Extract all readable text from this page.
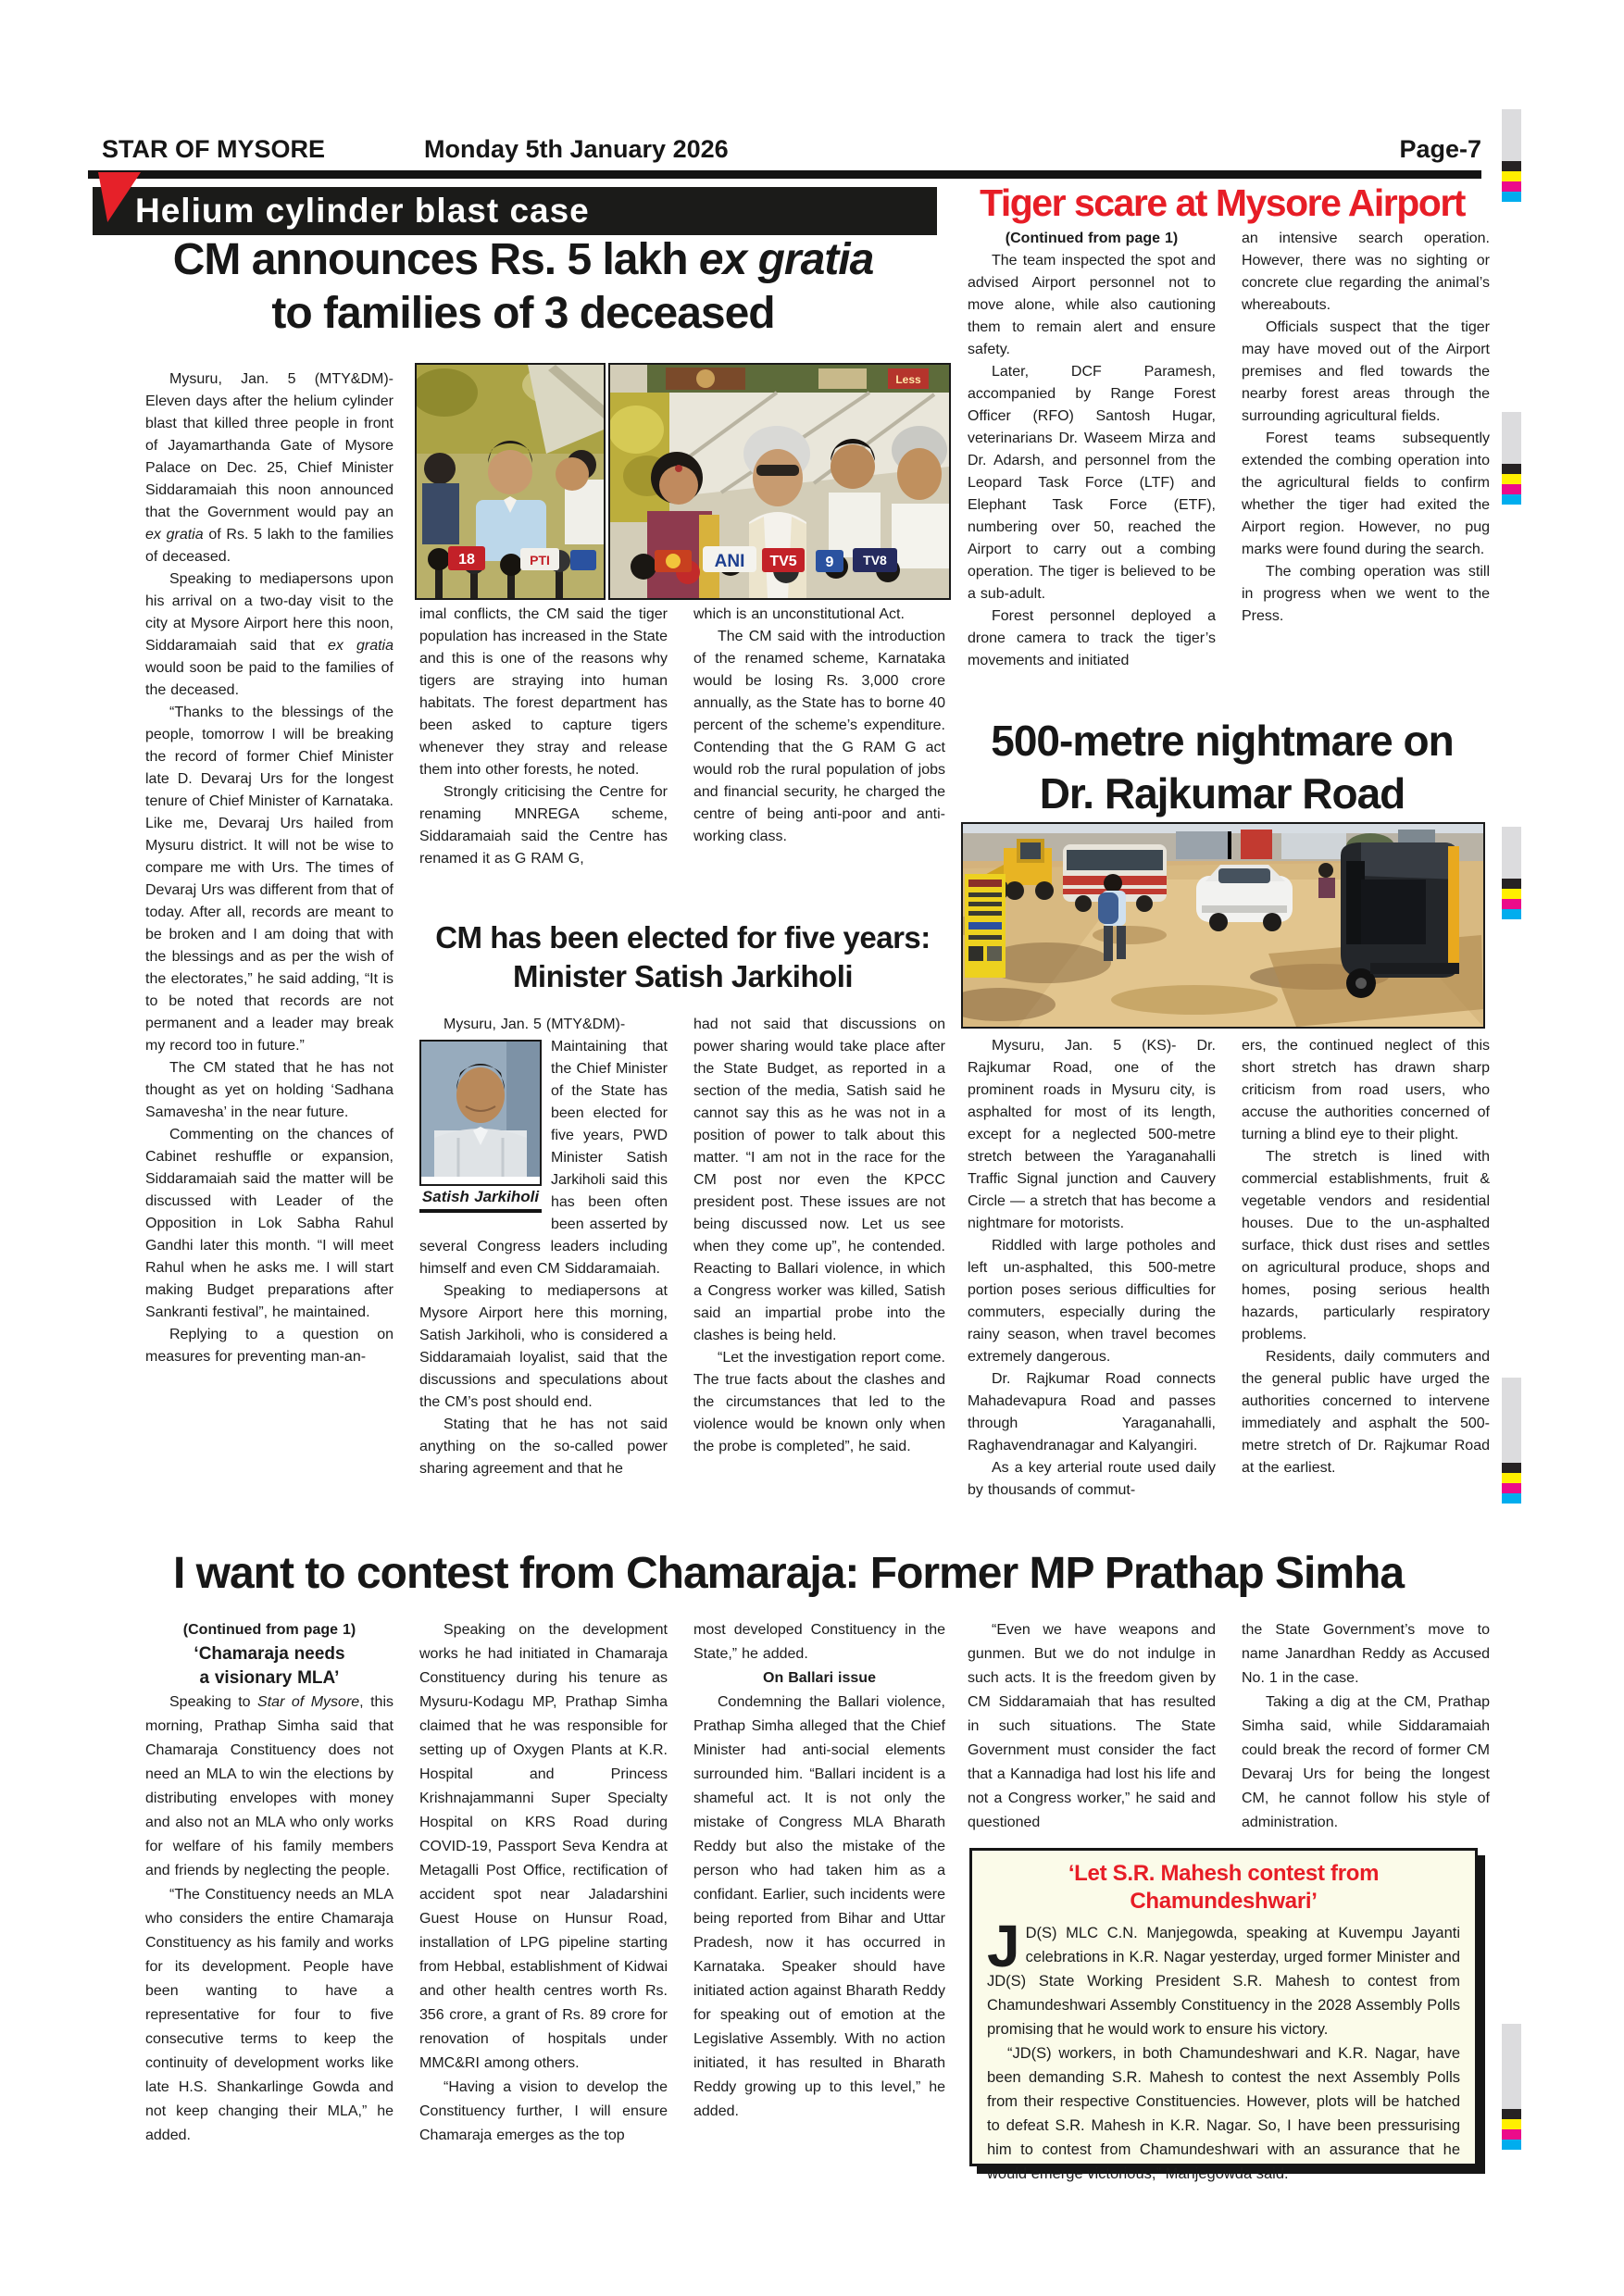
STAR OF MYSORE	Monday 5th January 2026	Page-7
Helium cylinder blast case	Tiger scare at Mysore Airport
CM announces Rs. 5 lakh ex gratia
to families of 3 deceased

Mysuru, Jan. 5 (MTY&DM)- Eleven days after the helium cylinder blast that killed three people in front of Jayamarthanda Gate of Mysore Palace on Dec. 25, Chief Minister Siddaramaiah this noon announced that the Government would pay an ex gratia of Rs. 5 lakh to the families of deceased.

Speaking to mediapersons upon his arrival on a two-day visit to the city at Mysore Airport here this noon, Siddaramaiah said that ex gratia would soon be paid to the families of the deceased.

“Thanks to the blessings of the people, tomorrow I will be breaking the record of former Chief Minister late D. Devaraj Urs for the longest tenure of Chief Minister of Karnataka. Like me, Devaraj Urs hailed from Mysuru district. It will not be wise to compare me with Urs. The times of Devaraj Urs was different from that of today. After all, records are meant to be broken and I am doing that with the blessings and as per the wish of the electorates,” he said adding, “It is to be noted that records are not permanent and a leader may break my record too in future.”

The CM stated that he has not thought as yet on holding ‘Sadhana Samavesha’ in the near future.

Commenting on the chances of Cabinet reshuffle or expansion, Siddaramaiah said the matter will be discussed with Leader of the Opposition in Lok Sabha Rahul Gandhi later this month. “I will meet Rahul when he asks me. I will start making Budget preparations after Sankranti festival”, he maintained.

Replying to a question on measures for preventing man-an-

18	PTI
Less
ANI TV5 9 TV8

imal conflicts, the CM said the tiger population has increased in the State and this is one of the reasons why tigers are straying into human habitats. The forest department has been asked to capture tigers whenever they stray and release them into other forests, he noted.

Strongly criticising the Centre for renaming MNREGA scheme, Siddaramaiah said the Centre has renamed it as G RAM G,

which is an unconstitutional Act.

The CM said with the introduction of the renamed scheme, Karnataka would be losing Rs. 3,000 crore annually, as the State has to borne 40 percent of the scheme’s expenditure. Contending that the G RAM G act would rob the rural population of jobs and financial security, he charged the centre of being anti-poor and anti-working class.

CM has been elected for five years:
Minister Satish Jarkiholi

Mysuru, Jan. 5 (MTY&DM)-

Satish Jarkiholi

Maintaining that the Chief Minister of the State has been elected for five years, PWD Minister Satish Jarkiholi said this has been often been asserted by several Congress leaders including himself and even CM Siddaramaiah.

Speaking to mediapersons at Mysore Airport here this morning, Satish Jarkiholi, who is considered a Siddaramaiah loyalist, said that the discussions and speculations about the CM’s post should end.

Stating that he has not said anything on the so-called power sharing agreement and that he

had not said that discussions on power sharing would take place after the State Budget, as reported in a section of the media, Satish said he cannot say this as he was not in a position of power to talk about this matter. “I am not in the race for the CM post nor even the KPCC president post. These issues are not being discussed now. Let us see when they come up”, he contended. Reacting to Ballari violence, in which a Congress worker was killed, Satish said an impartial probe into the clashes is being held.

“Let the investigation report come. The true facts about the clashes and the circumstances that led to the violence would be known only when the probe is completed”, he said.

(Continued from page 1)

The team inspected the spot and advised Airport personnel not to move alone, while also cautioning them to remain alert and ensure safety.

Later, DCF Paramesh, accompanied by Range Forest Officer (RFO) Santosh Hugar, veterinarians Dr. Waseem Mirza and Dr. Adarsh, and personnel from the Leopard Task Force (LTF) and Elephant Task Force (ETF), numbering over 50, reached the Airport to carry out a combing operation. The tiger is believed to be a sub-adult.

Forest personnel deployed a drone camera to track the tiger’s movements and initiated

an intensive search operation. However, there was no sighting or concrete clue regarding the animal’s whereabouts.

Officials suspect that the tiger may have moved out of the Airport premises and fled towards the nearby forest areas through the surrounding agricultural fields.

Forest teams subsequently extended the combing operation into the agricultural fields to confirm whether the tiger had exited the Airport region. However, no pug marks were found during the search.

The combing operation was still in progress when we went to the Press.

500-metre nightmare on
Dr. Rajkumar Road

Mysuru, Jan. 5 (KS)- Dr. Rajkumar Road, one of the prominent roads in Mysuru city, is asphalted for most of its length, except for a neglected 500-metre stretch between the Yaraganahalli Traffic Signal junction and Cauvery Circle — a stretch that has become a nightmare for motorists.

Riddled with large potholes and left un-asphalted, this 500-metre portion poses serious difficulties for commuters, especially during the rainy season, when travel becomes extremely dangerous.

Dr. Rajkumar Road connects Mahadevapura Road and passes through Yaraganahalli, Raghavendranagar and Kalyangiri.

As a key arterial route used daily by thousands of commut-

ers, the continued neglect of this short stretch has drawn sharp criticism from road users, who accuse the authorities concerned of turning a blind eye to their plight.

The stretch is lined with commercial establishments, fruit & vegetable vendors and residential houses. Due to the un-asphalted surface, thick dust rises and settles on agricultural produce, shops and homes, posing serious health hazards, particularly respiratory problems.

Residents, daily commuters and the general public have urged the authorities concerned to intervene immediately and asphalt the 500-metre stretch of Dr. Rajkumar Road at the earliest.

I want to contest from Chamaraja: Former MP Prathap Simha

(Continued from page 1)

‘Chamaraja needs

a visionary MLA’

Speaking to Star of Mysore, this morning, Prathap Simha said that Chamaraja Constituency does not need an MLA to win the elections by distributing envelopes with money and also not an MLA who only works for welfare of his family members and friends by neglecting the people.

“The Constituency needs an MLA who considers the entire Chamaraja Constituency as his family and works for its development. People have been wanting to have a representative for four to five consecutive terms to keep the continuity of development works like late H.S. Shankarlinge Gowda and not keep changing their MLA,” he added.

Speaking on the development works he had initiated in Chamaraja Constituency during his tenure as Mysuru-Kodagu MP, Prathap Simha claimed that he was responsible for setting up of Oxygen Plants at K.R. Hospital and Princess Krishnajammanni Super Specialty Hospital on KRS Road during COVID-19, Passport Seva Kendra at Metagalli Post Office, rectification of accident spot near Jaladarshini Guest House on Hunsur Road, installation of LPG pipeline starting from Hebbal, establishment of Kidwai and other health centres worth Rs. 356 crore, a grant of Rs. 89 crore for renovation of hospitals under MMC&RI among others.

“Having a vision to develop the Constituency further, I will ensure Chamaraja emerges as the top

most developed Constituency in the State,” he added.

On Ballari issue

Condemning the Ballari violence, Prathap Simha alleged that the Chief Minister had anti-social elements surrounded him. “Ballari incident is a shameful act. It is not only the mistake of Congress MLA Bharath Reddy but also the mistake of the person who had taken him as a confidant. Earlier, such incidents were being reported from Bihar and Uttar Pradesh, now it has occurred in Karnataka. Speaker should have initiated action against Bharath Reddy for speaking out of emotion at the Legislative Assembly. With no action initiated, it has resulted in Bharath Reddy growing up to this level,” he added.

“Even we have weapons and gunmen. But we do not indulge in such acts. It is the freedom given by CM Siddaramaiah that has resulted in such situations. The State Government must consider the fact that a Kannadiga had lost his life and not a Congress worker,” he said and questioned

the State Government’s move to name Janardhan Reddy as Accused No. 1 in the case.

Taking a dig at the CM, Prathap Simha said, while Siddaramaiah could break the record of former CM Devaraj Urs for being the longest CM, he cannot follow his style of administration.

‘Let S.R. Mahesh contest from Chamundeshwari’

J D(S) MLC C.N. Manjegowda, speaking at Kuvempu Jayanti celebrations in K.R. Nagar yesterday, urged former Minister and JD(S) State Working President S.R. Mahesh to contest from Chamundeshwari Assembly Constituency in the 2028 Assembly Polls promising that he would work to ensure his victory.

“JD(S) workers, in both Chamundeshwari and K.R. Nagar, have been demanding S.R. Mahesh to contest the next Assembly Polls from their respective Constituencies. However, plots will be hatched to defeat S.R. Mahesh in K.R. Nagar. So, I have been pressurising him to contest from Chamundeshwari with an assurance that he would emerge victorious,” Manjegowda said.
